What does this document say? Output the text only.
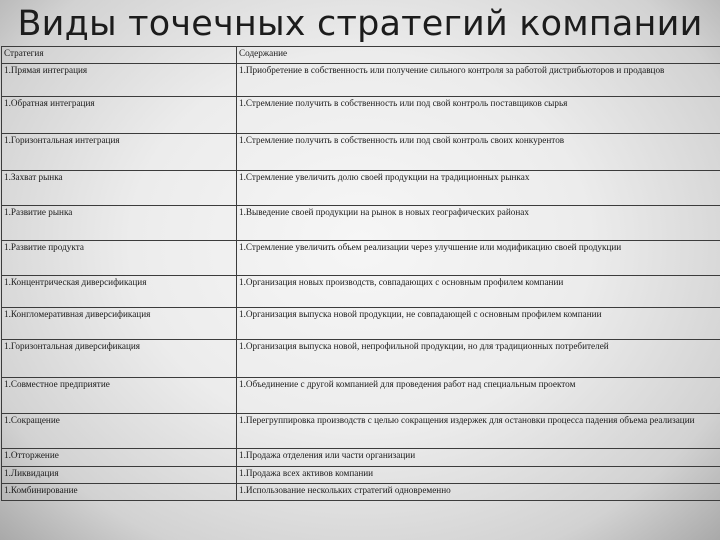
Виды точечных стратегий компании
Стратегия	Содержание
1.Прямая интеграция	1.Приобретение в собственность или получение сильного контроля за работой дистрибьюторов и продавцов
1.Обратная интеграция	1.Стремление получить в собственность или под свой контроль поставщиков сырья
1.Горизонтальная интеграция	1.Стремление получить в собственность или под свой контроль своих конкурентов
1.Захват рынка	1.Стремление увеличить долю своей продукции на традиционных рынках
1.Развитие рынка	1.Выведение своей продукции на рынок в новых географических районах
1.Развитие продукта	1.Стремление увеличить объем реализации через улучшение или модификацию своей продукции
1.Концентрическая диверсификация	1.Организация новых производств, совпадающих с основным профилем компании
1.Конгломеративная диверсификация	1.Организация выпуска новой продукции, не совпадающей с основным профилем компании
1.Горизонтальная диверсификация	1.Организация выпуска новой, непрофильной продукции, но для традиционных потребителей
1.Совместное предприятие	1.Объединение с другой компанией для проведения работ над специальным проектом
1.Сокращение	1.Перегруппировка производств с целью сокращения издержек для остановки процесса падения объема реализации
1.Отторжение	1.Продажа отделения или части организации
1.Ликвидация	1.Продажа всех активов компании
1.Комбинирование	1.Использование нескольких стратегий одновременно
